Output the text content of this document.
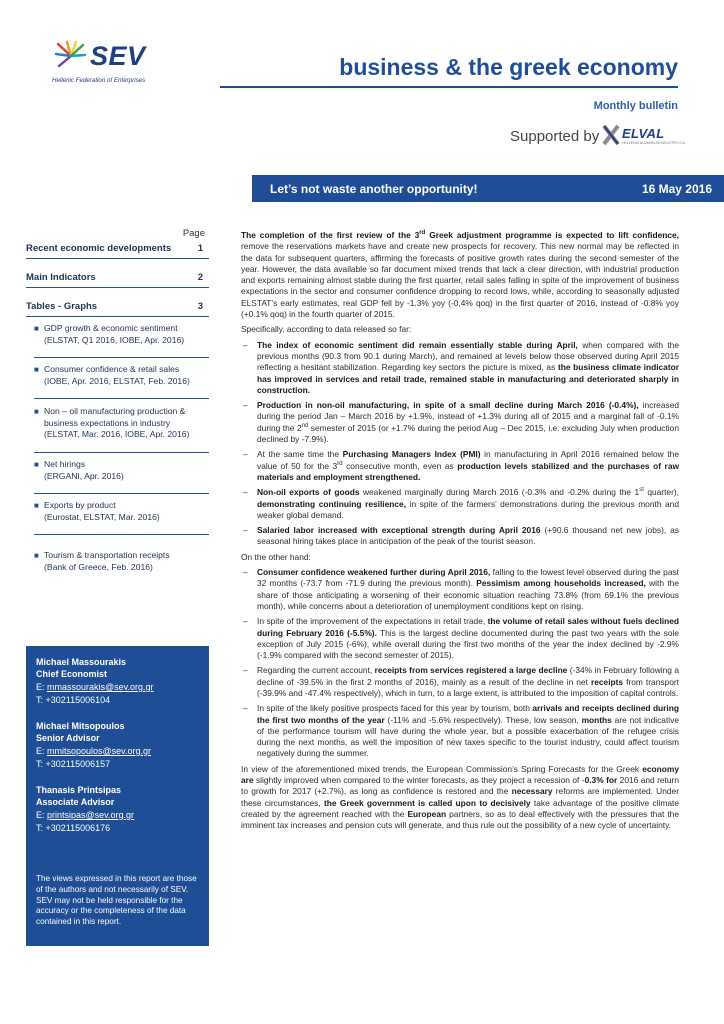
SEV
Hellenic Federation of Enterprises
business & the greek economy
Monthly bulletin
Supported by ELVAL
HELLENIC ALUMINIUM INDUSTRY S.A.
Let’s not waste another opportunity!	16 May 2016
Page
Recent economic developments	1
Main Indicators	2
Tables - Graphs	3
■ GDP growth & economic sentiment
(ELSTAT, Q1 2016, IOBE, Apr. 2016)
■ Consumer confidence & retail sales
(IOBE, Apr. 2016, ELSTAT, Feb. 2016)
■ Non – oil manufacturing production &
business expectations in industry
(ELSTAT, Mar. 2016, IOBE, Apr. 2016)
■ Net hirings
(ERGANI, Apr. 2016)
■ Exports by product
(Eurostat, ELSTAT, Mar. 2016)
■ Tourism & transportation receipts
(Bank of Greece, Feb. 2016)
Michael Massourakis
Chief Economist
E: mmassourakis@sev.org.gr
T: +302115006104
Michael Mitsopoulos
Senior Advisor
E: mmitsopoulos@sev.org.gr
T: +302115006157
Thanasis Printsipas
Associate Advisor
E: printsipas@sev.org.gr
T: +302115006176
The views expressed in this report are those of the authors and not necessarily of SEV. SEV may not be held responsible for the accuracy or the completeness of the data contained in this report.

The completion of the first review of the 3rd Greek adjustment programme is expected to lift confidence, remove the reservations markets have and create new prospects for recovery. This new normal may be reflected in the data for subsequent quarters, affirming the forecasts of positive growth rates during the second semester of the year. However, the data available so far document mixed trends that lack a clear direction, with industrial production and exports remaining almost stable during the first quarter, retail sales falling in spite of the improvement of business expectations in the sector and consumer confidence dropping to record lows, while, according to seasonally adjusted ELSTAT’s early estimates, real GDP fell by -1.3% yoy (-0,4% qoq) in the first quarter of 2016, instead of -0.8% yoy (+0.1% qoq) in the fourth quarter of 2015.

Specifically, according to data released so far:

– The index of economic sentiment did remain essentially stable during April, when compared with the previous months (90.3 from 90.1 during March), and remained at levels below those observed during April 2015 reflecting a hesitant stabilization. Regarding key sectors the picture is mixed, as the business climate indicator has improved in services and retail trade, remained stable in manufacturing and deteriorated sharply in construction.
– Production in non-oil manufacturing, in spite of a small decline during March 2016 (-0.4%), increased during the period Jan – March 2016 by +1.9%, instead of +1.3% during all of 2015 and a marginal fall of -0.1% during the 2nd semester of 2015 (or +1.7% during the period Aug – Dec 2015, i.e. excluding July when production declined by -7.9%).
– At the same time the Purchasing Managers Index (PMI) in manufacturing in April 2016 remained below the value of 50 for the 3rd consecutive month, even as production levels stabilized and the purchases of raw materials and employment strengthened.
– Non-oil exports of goods weakened marginally during March 2016 (-0.3% and -0.2% during the 1st quarter), demonstrating continuing resilience, in spite of the farmers’ demonstrations during the previous month and weaker global demand.
– Salaried labor increased with exceptional strength during April 2016 (+90.6 thousand net new jobs), as seasonal hiring takes place in anticipation of the peak of the tourist season.

On the other hand:

– Consumer confidence weakened further during April 2016, falling to the lowest level observed during the past 32 months (-73.7 from -71.9 during the previous month). Pessimism among households increased, with the share of those anticipating a worsening of their economic situation reaching 73.8% (from 69.1% the previous month), while concerns about a deterioration of unemployment conditions kept on rising.
– In spite of the improvement of the expectations in retail trade, the volume of retail sales without fuels declined during February 2016 (-5.5%). This is the largest decline documented during the past two years with the sole exception of July 2015 (-6%), while overall during the first two months of the year the index declined by -2.9% (-1.9% compared with the second semester of 2015).
– Regarding the current account, receipts from services registered a large decline (-34% in February following a decline of -39.5% in the first 2 months of 2016), mainly as a result of the decline in net receipts from transport (-39.9% and -47.4% respectively), which in turn, to a large extent, is attributed to the imposition of capital controls.
– In spite of the likely positive prospects faced for this year by tourism, both arrivals and receipts declined during the first two months of the year (-11% and -5.6% respectively). These, low season, months are not indicative of the performance tourism will have during the whole year, but a possible exacerbation of the refugee crisis during the next months, as well the imposition of new taxes specific to the tourist industry, could affect tourism negatively during the summer.

In view of the aforementioned mixed trends, the European Commission’s Spring Forecasts for the Greek economy are slightly improved when compared to the winter forecasts, as they project a recession of -0.3% for 2016 and return to growth for 2017 (+2.7%), as long as confidence is restored and the necessary reforms are implemented. Under these circumstances, the Greek government is called upon to decisively take advantage of the positive climate created by the agreement reached with the European partners, so as to deal effectively with the pressures that the imminent tax increases and pension cuts will generate, and thus rule out the possibility of a new cycle of uncertainty.
